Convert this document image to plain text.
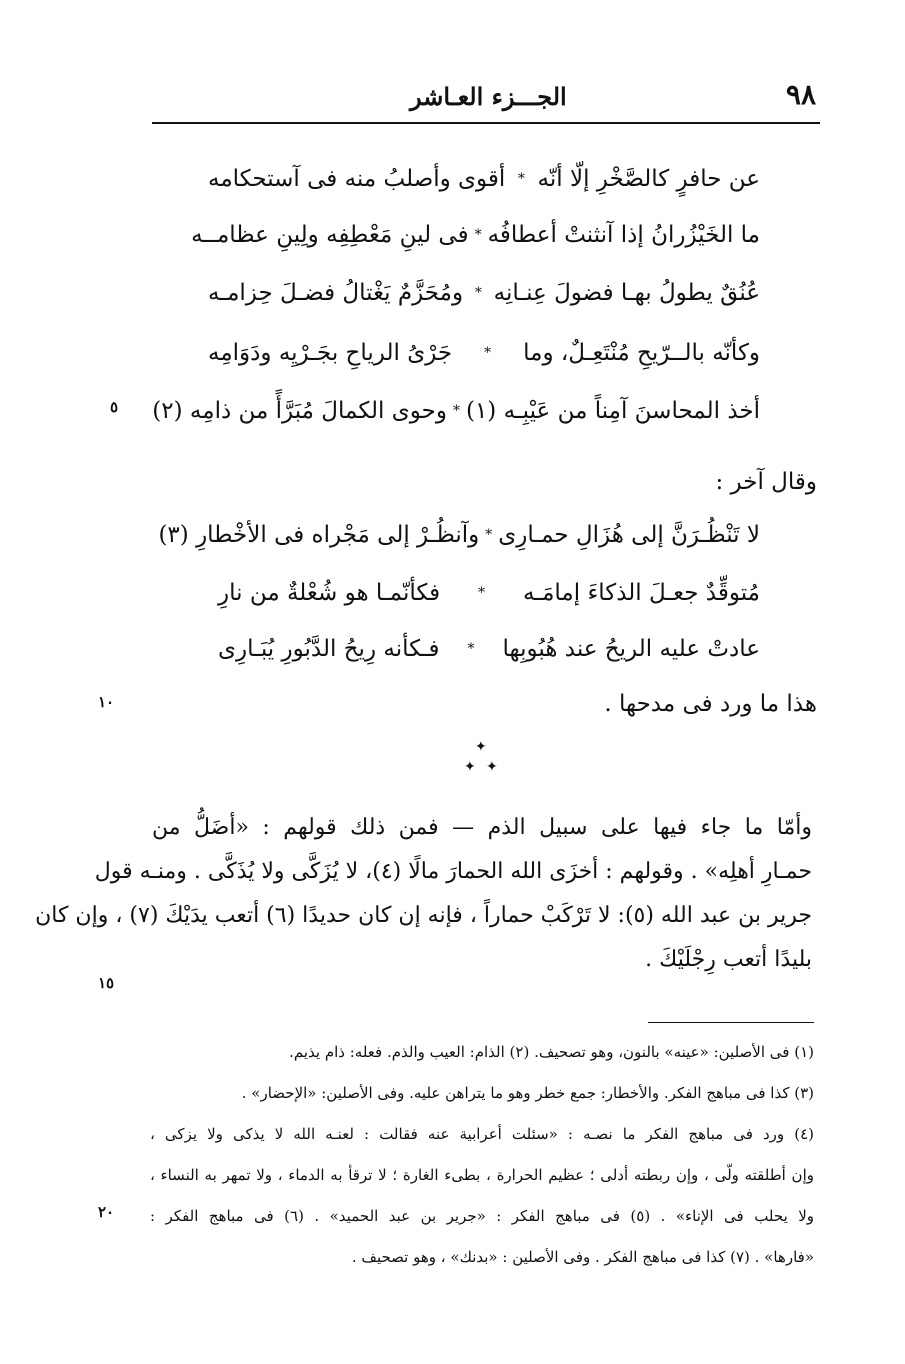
٩٨
الجـــزء العـاشر
٥
١٠
١٥
٢٠
عن حافرٍ كالصَّخْرِ إلّا أنّه
*
أقوى وأصلبُ منه فى آستحكامه
ما الخَيْزُرانُ إذا آنثنتْ أعطافُه
*
فى لينِ مَعْطِفِه ولِينِ عظامــه
عُنُقٌ يطولُ بهـا فضولَ عِنـانِه
*
ومُحَزَّمٌ يَغْتالُ فضـلَ حِزامـه
وكأنّه بالــرّيحِ مُنْتَعِـلٌ، وما
*
جَرْىُ الرياحِ بجَـرْيِه ودَوَامِه
أخذ المحاسنَ آمِناً من عَيْبِـه (١)
*
وحوى الكمالَ مُبَرَّأً من ذامِه (٢)
وقال آخر :
لا تَنْظُـرَنَّ إلى هُزَالِ حمـارِى
*
وآنظُـرْ إلى مَجْراه فى الأخْطارِ (٣)
مُتوقِّدٌ جعـلَ الذكاءَ إمامَـه
*
فكأنّمـا هو شُعْلةٌ من نارِ
عادتْ عليه الريحُ عند هُبُوبِها
*
فـكأنه رِيحُ الدَّبُورِ يُبَـارِى
هذا ما ورد فى مدحها .
✦
✦ ✦
وأمّا ما جاء فيها على سبيل الذم — فمن ذلك قولهم : «أضَلُّ من
حمـارِ أهلِه» . وقولهم : أخزَى الله الحمارَ مالًا (٤)، لا يُزَكَّى ولا يُذَكَّى . ومنـه قول
جرير بن عبد الله (٥): لا تَرْكَبْ حماراً ، فإنه إن كان حديدًا (٦) أتعب يدَيْكَ (٧) ، وإن كان
بليدًا أتعب رِجْلَيْكَ .
(١) فى الأصلين: «عينه» بالنون، وهو تصحيف. (٢) الذام: العيب والذم. فعله: ذام يذيم.
(٣) كذا فى مباهج الفكر. والأخطار: جمع خطر وهو ما يتراهن عليه. وفى الأصلين: «الإحضار» .
(٤) ورد فى مباهج الفكر ما نصـه : «سئلت أعرابية عنه فقالت : لعنـه الله لا يذكى ولا يزكى ،
وإن أطلقته ولّى ، وإن ربطته أدلى ؛ عظيم الحرارة ، بطىء الغارة ؛ لا ترقأ به الدماء ، ولا تمهر به النساء ،
ولا يحلب فى الإناء» . (٥) فى مباهج الفكر : «جرير بن عبد الحميد» . (٦) فى مباهج الفكر :
«فارها» . (٧) كذا فى مباهج الفكر . وفى الأصلين : «بدنك» ، وهو تصحيف .
